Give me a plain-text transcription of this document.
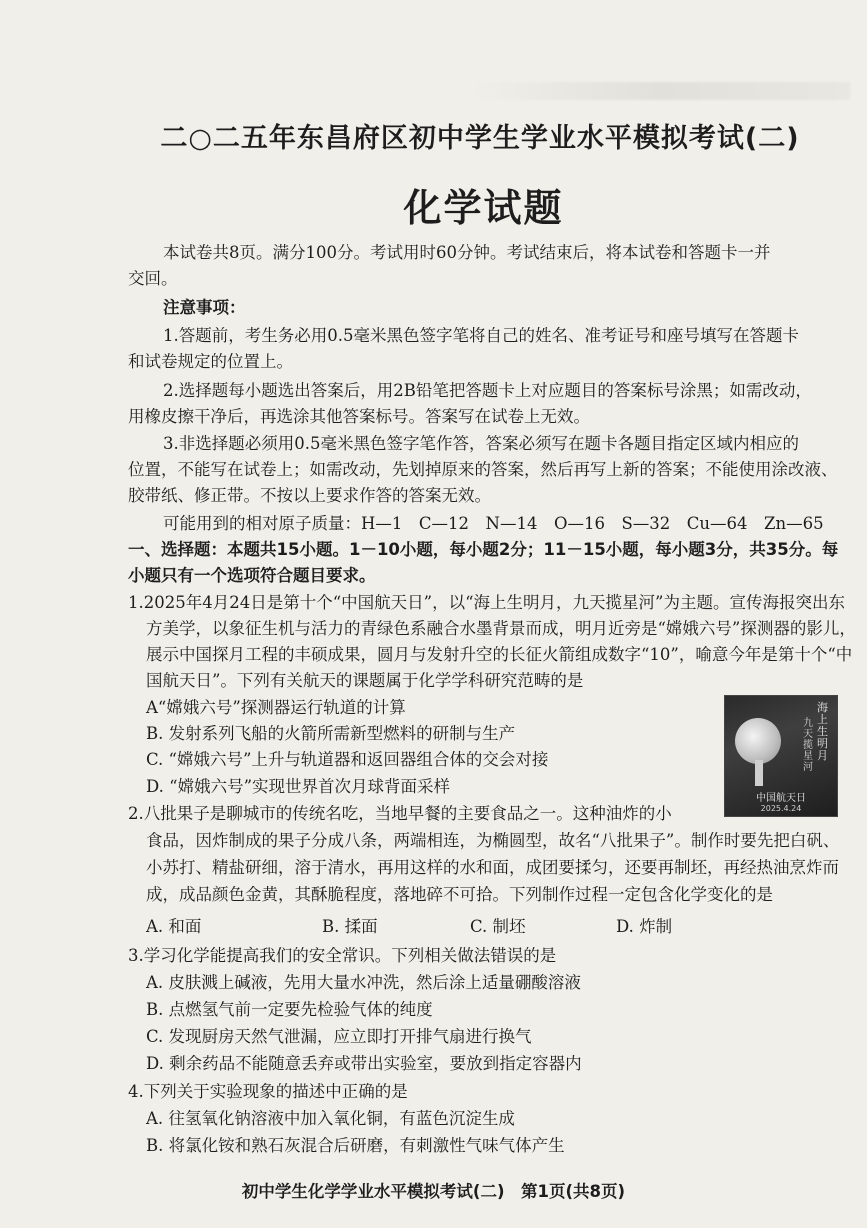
二○二五年东昌府区初中学生学业水平模拟考试(二)
化学试题
本试卷共8页。满分100分。考试用时60分钟。考试结束后，将本试卷和答题卡一并
交回。
注意事项：
1.答题前，考生务必用0.5毫米黑色签字笔将自己的姓名、准考证号和座号填写在答题卡
和试卷规定的位置上。
2.选择题每小题选出答案后，用2B铅笔把答题卡上对应题目的答案标号涂黑；如需改动，
用橡皮擦干净后，再选涂其他答案标号。答案写在试卷上无效。
3.非选择题必须用0.5毫米黑色签字笔作答，答案必须写在题卡各题目指定区域内相应的
位置，不能写在试卷上；如需改动，先划掉原来的答案，然后再写上新的答案；不能使用涂改液、
胶带纸、修正带。不按以上要求作答的答案无效。
可能用到的相对原子质量：H—1　C—12　N—14　O—16　S—32　Cu—64　Zn—65
一、选择题：本题共15小题。1－10小题，每小题2分；11－15小题，每小题3分，共35分。每
小题只有一个选项符合题目要求。
1.2025年4月24日是第十个“中国航天日”，以“海上生明月，九天揽星河”为主题。宣传海报突出东
方美学，以象征生机与活力的青绿色系融合水墨背景而成，明月近旁是“嫦娥六号”探测器的影儿，
展示中国探月工程的丰硕成果，圆月与发射升空的长征火箭组成数字“10”，喻意今年是第十个“中
国航天日”。下列有关航天的课题属于化学学科研究范畴的是
A“嫦娥六号”探测器运行轨道的计算
B. 发射系列飞船的火箭所需新型燃料的研制与生产
C. “嫦娥六号”上升与轨道器和返回器组合体的交会对接
D. “嫦娥六号”实现世界首次月球背面采样
海上生明月
九天揽星河
中国航天日
2025.4.24
2.八批果子是聊城市的传统名吃，当地早餐的主要食品之一。这种油炸的小
食品，因炸制成的果子分成八条，两端相连，为椭圆型，故名“八批果子”。制作时要先把白矾、
小苏打、精盐研细，溶于清水，再用这样的水和面，成团要揉匀，还要再制坯，再经热油烹炸而
成，成品颜色金黄，其酥脆程度，落地碎不可拾。下列制作过程一定包含化学变化的是
A. 和面	B. 揉面	C. 制坯	D. 炸制
3.学习化学能提高我们的安全常识。下列相关做法错误的是
A. 皮肤溅上碱液，先用大量水冲洗，然后涂上适量硼酸溶液
B. 点燃氢气前一定要先检验气体的纯度
C. 发现厨房天然气泄漏，应立即打开排气扇进行换气
D. 剩余药品不能随意丢弃或带出实验室，要放到指定容器内
4.下列关于实验现象的描述中正确的是
A. 往氢氧化钠溶液中加入氧化铜，有蓝色沉淀生成
B. 将氯化铵和熟石灰混合后研磨，有刺激性气味气体产生
初中学生化学学业水平模拟考试(二)　第1页(共8页)
